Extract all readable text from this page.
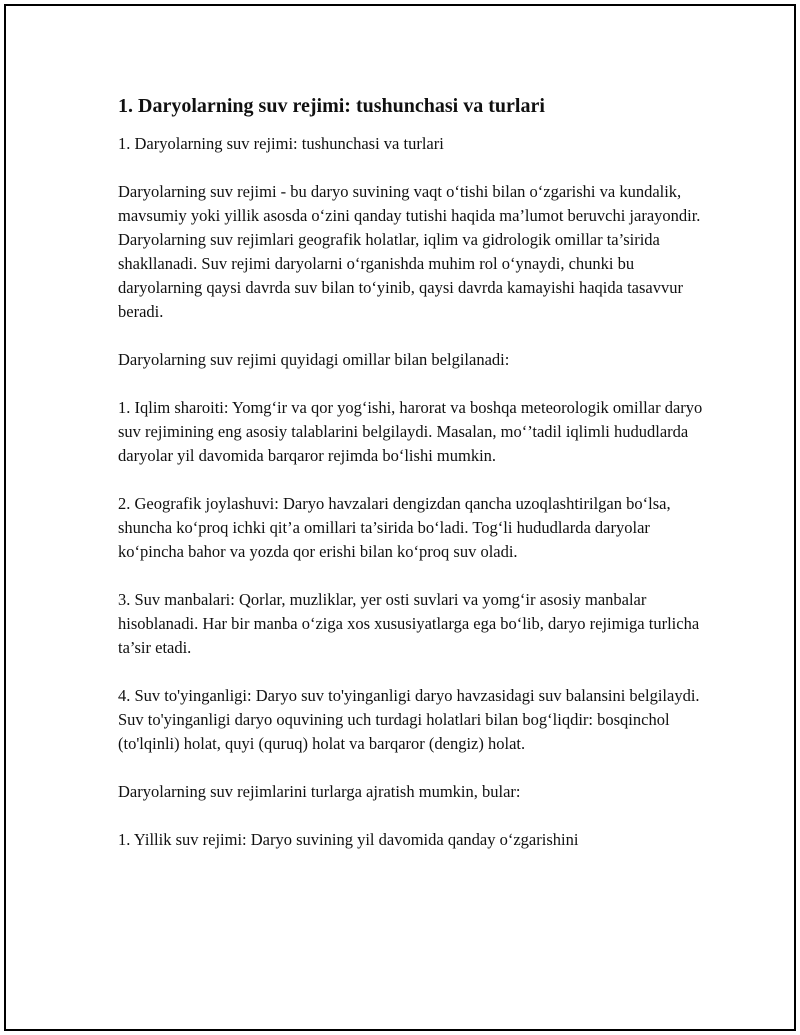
1. Daryolarning suv rejimi: tushunchasi va turlari

1. Daryolarning suv rejimi: tushunchasi va turlari

Daryolarning suv rejimi - bu daryo suvining vaqt o‘tishi bilan o‘zgarishi va kundalik, mavsumiy yoki yillik asosda o‘zini qanday tutishi haqida ma’lumot beruvchi jarayondir. Daryolarning suv rejimlari geografik holatlar, iqlim va gidrologik omillar ta’sirida shakllanadi. Suv rejimi daryolarni o‘rganishda muhim rol o‘ynaydi, chunki bu daryolarning qaysi davrda suv bilan to‘yinib, qaysi davrda kamayishi haqida tasavvur beradi.

Daryolarning suv rejimi quyidagi omillar bilan belgilanadi:

1. Iqlim sharoiti: Yomg‘ir va qor yog‘ishi, harorat va boshqa meteorologik omillar daryo suv rejimining eng asosiy talablarini belgilaydi. Masalan, mo‘’tadil iqlimli hududlarda daryolar yil davomida barqaror rejimda bo‘lishi mumkin.

2. Geografik joylashuvi: Daryo havzalari dengizdan qancha uzoqlashtirilgan bo‘lsa, shuncha ko‘proq ichki qit’a omillari ta’sirida bo‘ladi. Tog‘li hududlarda daryolar ko‘pincha bahor va yozda qor erishi bilan ko‘proq suv oladi.

3. Suv manbalari: Qorlar, muzliklar, yer osti suvlari va yomg‘ir asosiy manbalar hisoblanadi. Har bir manba o‘ziga xos xususiyatlarga ega bo‘lib, daryo rejimiga turlicha ta’sir etadi.

4. Suv to'yinganligi: Daryo suv to'yinganligi daryo havzasidagi suv balansini belgilaydi. Suv to'yinganligi daryo oquvining uch turdagi holatlari bilan bog‘liqdir: bosqinchol (to'lqinli) holat, quyi (quruq) holat va barqaror (dengiz) holat.

Daryolarning suv rejimlarini turlarga ajratish mumkin, bular:

1. Yillik suv rejimi: Daryo suvining yil davomida qanday o‘zgarishini
